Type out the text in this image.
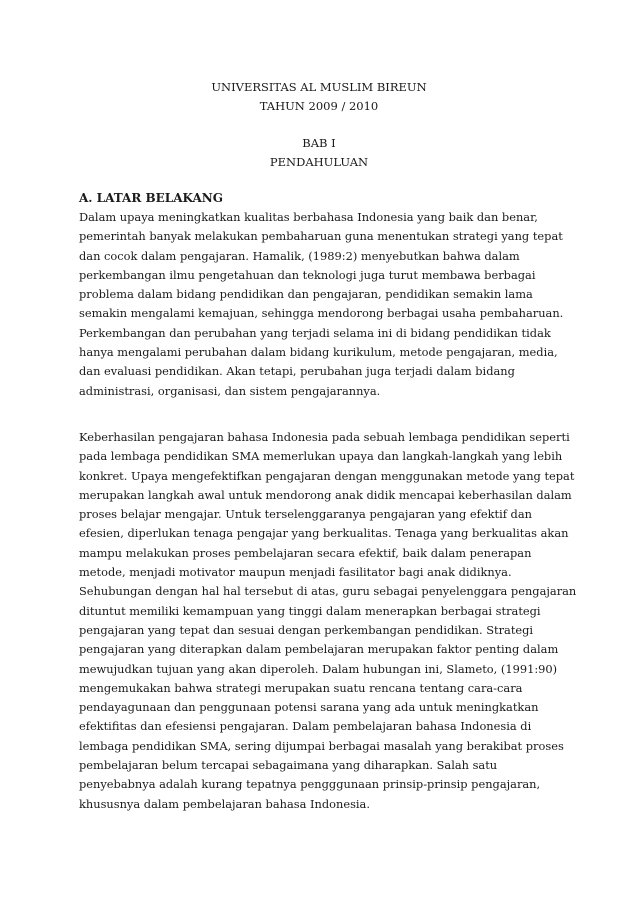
UNIVERSITAS AL MUSLIM BIREUN
TAHUN 2009 / 2010
BAB I
PENDAHULUAN
A. LATAR BELAKANG
Dalam upaya meningkatkan kualitas berbahasa Indonesia yang baik dan benar,
pemerintah banyak melakukan pembaharuan guna menentukan strategi yang tepat
dan cocok dalam pengajaran. Hamalik, (1989:2) menyebutkan bahwa dalam
perkembangan ilmu pengetahuan dan teknologi juga turut membawa berbagai
problema dalam bidang pendidikan dan pengajaran, pendidikan semakin lama
semakin mengalami kemajuan, sehingga mendorong berbagai usaha pembaharuan.
Perkembangan dan perubahan yang terjadi selama ini di bidang pendidikan tidak
hanya mengalami perubahan dalam bidang kurikulum, metode pengajaran, media,
dan evaluasi pendidikan. Akan tetapi, perubahan juga terjadi dalam bidang
administrasi, organisasi, dan sistem pengajarannya.
Keberhasilan pengajaran bahasa Indonesia pada sebuah lembaga pendidikan seperti
pada lembaga pendidikan SMA memerlukan upaya dan langkah-langkah yang lebih
konkret. Upaya mengefektifkan pengajaran dengan menggunakan metode yang tepat
merupakan langkah awal untuk mendorong anak didik mencapai keberhasilan dalam
proses belajar mengajar. Untuk terselenggaranya pengajaran yang efektif dan
efesien, diperlukan tenaga pengajar yang berkualitas. Tenaga yang berkualitas akan
mampu melakukan proses pembelajaran secara efektif, baik dalam penerapan
metode, menjadi motivator maupun menjadi fasilitator bagi anak didiknya.
Sehubungan dengan hal hal tersebut di atas, guru sebagai penyelenggara pengajaran
dituntut memiliki kemampuan yang tinggi dalam menerapkan berbagai strategi
pengajaran yang tepat dan sesuai dengan perkembangan pendidikan. Strategi
pengajaran yang diterapkan dalam pembelajaran merupakan faktor penting dalam
mewujudkan tujuan yang akan diperoleh. Dalam hubungan ini, Slameto, (1991:90)
mengemukakan bahwa strategi merupakan suatu rencana tentang cara-cara
pendayagunaan dan penggunaan potensi sarana yang ada untuk meningkatkan
efektifitas dan efesiensi pengajaran. Dalam pembelajaran bahasa Indonesia di
lembaga pendidikan SMA, sering dijumpai berbagai masalah yang berakibat proses
pembelajaran belum tercapai sebagaimana yang diharapkan. Salah satu
penyebabnya adalah kurang tepatnya pengggunaan prinsip-prinsip pengajaran,
khususnya dalam pembelajaran bahasa Indonesia.
